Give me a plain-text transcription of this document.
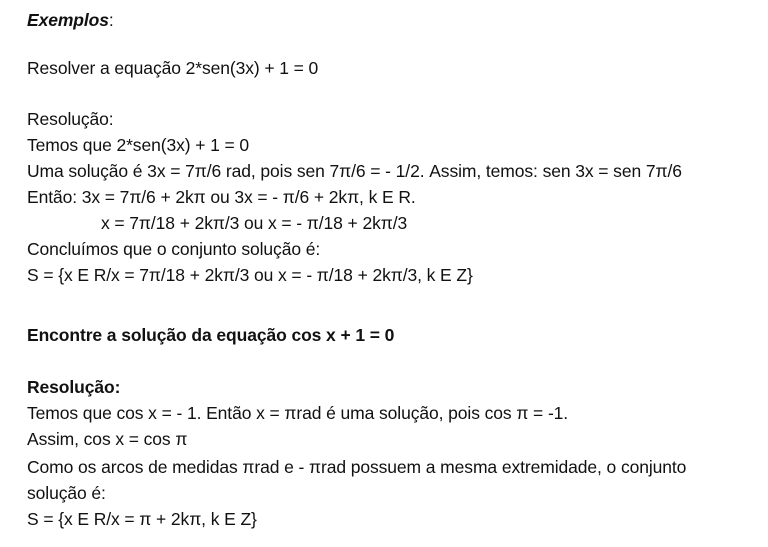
Exemplos:
Resolver a equação 2*sen(3x) + 1 = 0
Resolução:
Temos que 2*sen(3x) + 1 = 0
Uma solução é 3x = 7π/6 rad, pois sen 7π/6 = - 1/2. Assim, temos: sen 3x = sen 7π/6
Então: 3x = 7π/6 + 2kπ ou 3x = - π/6 + 2kπ, k E R.
x = 7π/18 + 2kπ/3 ou x = - π/18 + 2kπ/3
Concluímos que o conjunto solução é:
S = {x E R/x = 7π/18 + 2kπ/3 ou x = - π/18 + 2kπ/3, k E Z}
Encontre a solução da equação cos x + 1 = 0
Resolução:
Temos que cos x = - 1. Então x = πrad é uma solução, pois cos π = -1.
Assim, cos x = cos π
Como os arcos de medidas πrad e - πrad possuem a mesma extremidade, o conjunto
solução é:
S = {x E R/x = π + 2kπ, k E Z}
